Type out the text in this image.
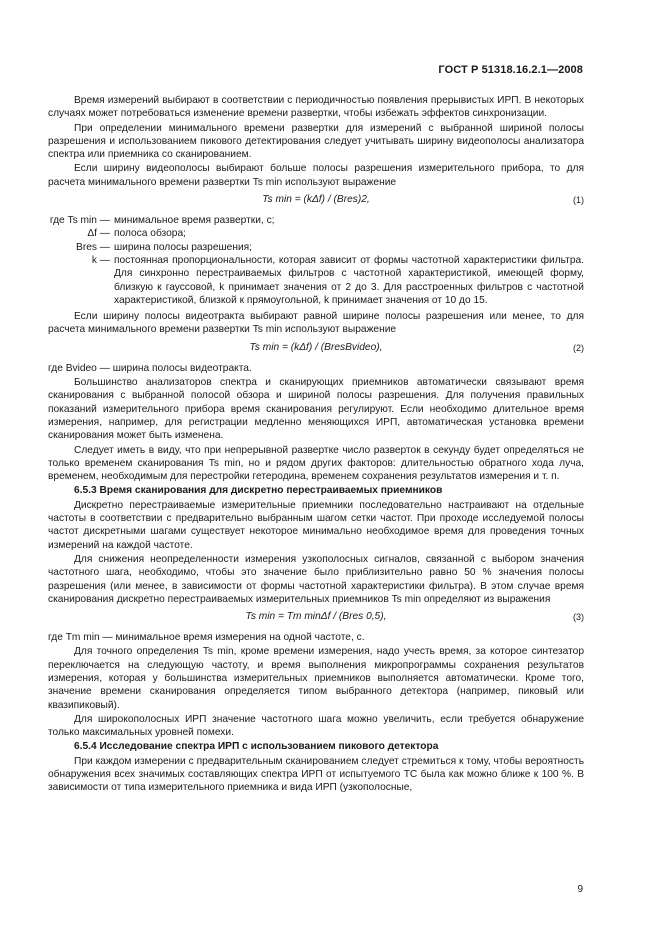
ГОСТ Р 51318.16.2.1—2008

Время измерений выбирают в соответствии с периодичностью появления прерывистых ИРП. В некоторых случаях может потребоваться изменение времени развертки, чтобы избежать эффектов синхронизации.

При определении минимального времени развертки для измерений с выбранной шириной полосы разрешения и использованием пикового детектирования следует учитывать ширину видеополосы анализатора спектра или приемника со сканированием.

Если ширину видеополосы выбирают больше полосы разрешения измерительного прибора, то для расчета минимального времени развертки Ts min используют выражение

Ts min = (kΔf) / (Bres)2,	(1)
где Ts min — минимальное время развертки, с;
Δf — полоса обзора;
Bres — ширина полосы разрешения;
k — постоянная пропорциональности, которая зависит от формы частотной характеристики фильтра. Для синхронно перестраиваемых фильтров с частотной характеристикой, имеющей форму, близкую к гауссовой, k принимает значения от 2 до 3. Для расстроенных фильтров с частотной характеристикой, близкой к прямоугольной, k принимает значения от 10 до 15.

Если ширину полосы видеотракта выбирают равной ширине полосы разрешения или менее, то для расчета минимального времени развертки Ts min используют выражение

Ts min = (kΔf) / (BresBvideo),	(2)

где Bvideo — ширина полосы видеотракта.

Большинство анализаторов спектра и сканирующих приемников автоматически связывают время сканирования с выбранной полосой обзора и шириной полосы разрешения. Для получения правильных показаний измерительного прибора время сканирования регулируют. Если необходимо длительное время измерения, например, для регистрации медленно меняющихся ИРП, автоматическая установка времени сканирования может быть изменена.

Следует иметь в виду, что при непрерывной развертке число разверток в секунду будет определяться не только временем сканирования Ts min, но и рядом других факторов: длительностью обратного хода луча, временем, необходимым для перестройки гетеродина, временем сохранения результатов измерения и т. п.

6.5.3 Время сканирования для дискретно перестраиваемых приемников

Дискретно перестраиваемые измерительные приемники последовательно настраивают на отдельные частоты в соответствии с предварительно выбранным шагом сетки частот. При проходе исследуемой полосы частот дискретными шагами существует некоторое минимально необходимое время для проведения точных измерений на каждой частоте.

Для снижения неопределенности измерения узкополосных сигналов, связанной с выбором значения частотного шага, необходимо, чтобы это значение было приблизительно равно 50 % значения полосы разрешения (или менее, в зависимости от формы частотной характеристики фильтра). В этом случае время сканирования дискретно перестраиваемых измерительных приемников Ts min определяют из выражения

Ts min = Tm minΔf / (Bres 0,5),	(3)

где Tm min — минимальное время измерения на одной частоте, с.

Для точного определения Ts min, кроме времени измерения, надо учесть время, за которое синтезатор переключается на следующую частоту, и время выполнения микропрограммы сохранения результатов измерения, которая у большинства измерительных приемников выполняется автоматически. Кроме того, значение времени сканирования определяется типом выбранного детектора (например, пиковый или квазипиковый).

Для широкополосных ИРП значение частотного шага можно увеличить, если требуется обнаружение только максимальных уровней помехи.

6.5.4 Исследование спектра ИРП с использованием пикового детектора

При каждом измерении с предварительным сканированием следует стремиться к тому, чтобы вероятность обнаружения всех значимых составляющих спектра ИРП от испытуемого ТС была как можно ближе к 100 %. В зависимости от типа измерительного приемника и вида ИРП (узкополосные,

9
